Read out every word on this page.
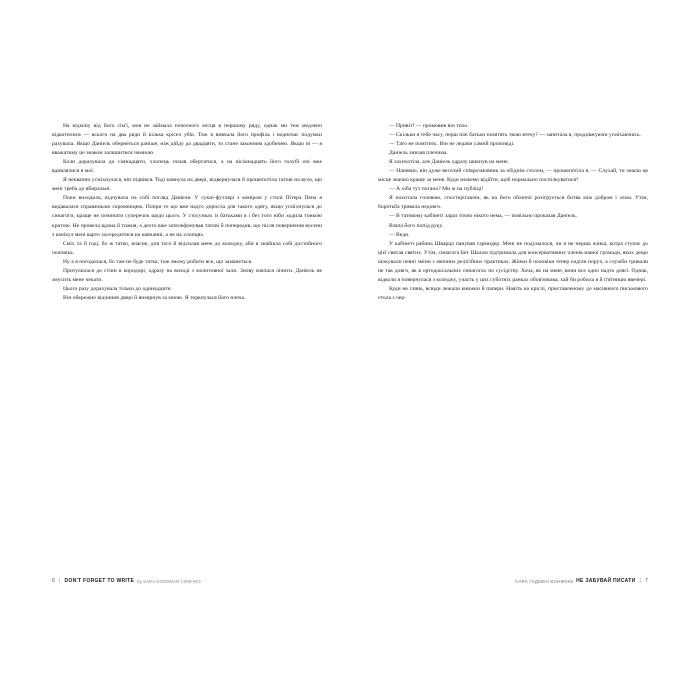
На відміну від його сім'ї, моя не займала почесного місця в першому ряду, однак ми теж медлено відкотилися — всього на два ряди й кілька крісел убік. Тож я вивчала його профіль і водночас подумки рахувала. Якщо Даніель обернеться раніше, ніж дійду до двадцяти, то стане законним здобичею. Якщо ні — я вважатиму це знаком залишитися чемною.

Коли дорахувала до сімнадцяти, хлопець почав обертатися, а на вісімнадцять його голубі очі вже вдивлялися в мої.

Я неквапно усміхнулася, він підвівся. Тоді кивнула на двері, відвернулася й прошепотіла татові на вухо, що мені треба до вбиральні.

Поки виходила, відчувала на собі погляд Даніеля. У сукні-футлярі з коміром у стилі Пітера Пена я видавалася справжньою скромницею. Попри те що вже надто доросла для такого одягу, якщо усміхнулася до синагоги, краще не починати суперечок щодо цього. У стосунках із батьками я і без того ніби ходила тонкою кригою. Не провела вдома й тижня, а дехто вже зателефонував татові й попередив, що після повернення восени з канікул мені варто зосередитися на навчанні, а не на хлопцях.

Сміх та й годі, бо ж татко, власне, для того й відсилав мене до коледжу, аби я знайшла собі достойного чоловіка.

Ну а я погодилася, бо там не буде татка, тож зможу робити все, що заманеться.

Притулилася до стіни в коридорі, одразу на виході з молитовної зали. Знову взялася лічити. Даніель не змусить мене чекати.

Цього разу дорахувала тільки до одинадцяти.

Він обережно відчинив двері й визирнув за мною. Я торкнулася його плеча.

6 | DON'T FORGET TO WRITE by SARA GOODMAN CONFINO

— Привіт! — промовив він тихо.

— Скільки я тебе часу, перш ніж батьки помітять твою втечу? — запитала я, продовжуючи усміхаючись.

— Тато не помітить. Він не ледачи самий проповіді.

Даніель знизав плечима.

Я захихотіла, але Даніель одразу шикнув на мене.

— Напевно, він дуже веселий співрозмовник за обіднім столом, — прошепотіла я. — Слухай, ти знаєш це місце значно краще за мене. Куди можемо відійти, щоб нормально поспілкуватися?

— А хіба тут погано? Ми ж на публіці!

Я похитала головою, спостерігаючи, як на його обличчі розігрується битва між добром і злом. Утім, боротьба тривала недовго.

— В татовому кабінеті зараз точно нікого нема, — повільно проказав Даніель.

Взяла його попід руку.

— Веди.

У кабінеті рабина Шварца панував гармидер. Мені не подумалося, чи я не перша жінка, котра ступає до цієї святая святих. Утім, синагога Бет Шалом підтримала для консервативних членів нашої громади, яких дещо шокували певні зміни з звичних релігійних практиках. Жінки й чоловіки тепер сиділи поруч, а служби тривали не так довго, як в ортодоксальних синагогах по сусідству. Хоча, як на мене, вони все одно надто довгі. Однак, відколи я повернулася з коледжу, участь у цих суботніх ранках обов'язкова, хай би робила я й п'ятницю ввечері.

Куди не глянь, всюди лежали книжки й папери. Навіть на кріслі, приставленому до масивного письмового стола з чер-

САРА ГУДМЕН КОНФІНО НЕ ЗАБУВАЙ ПИСАТИ | 7
